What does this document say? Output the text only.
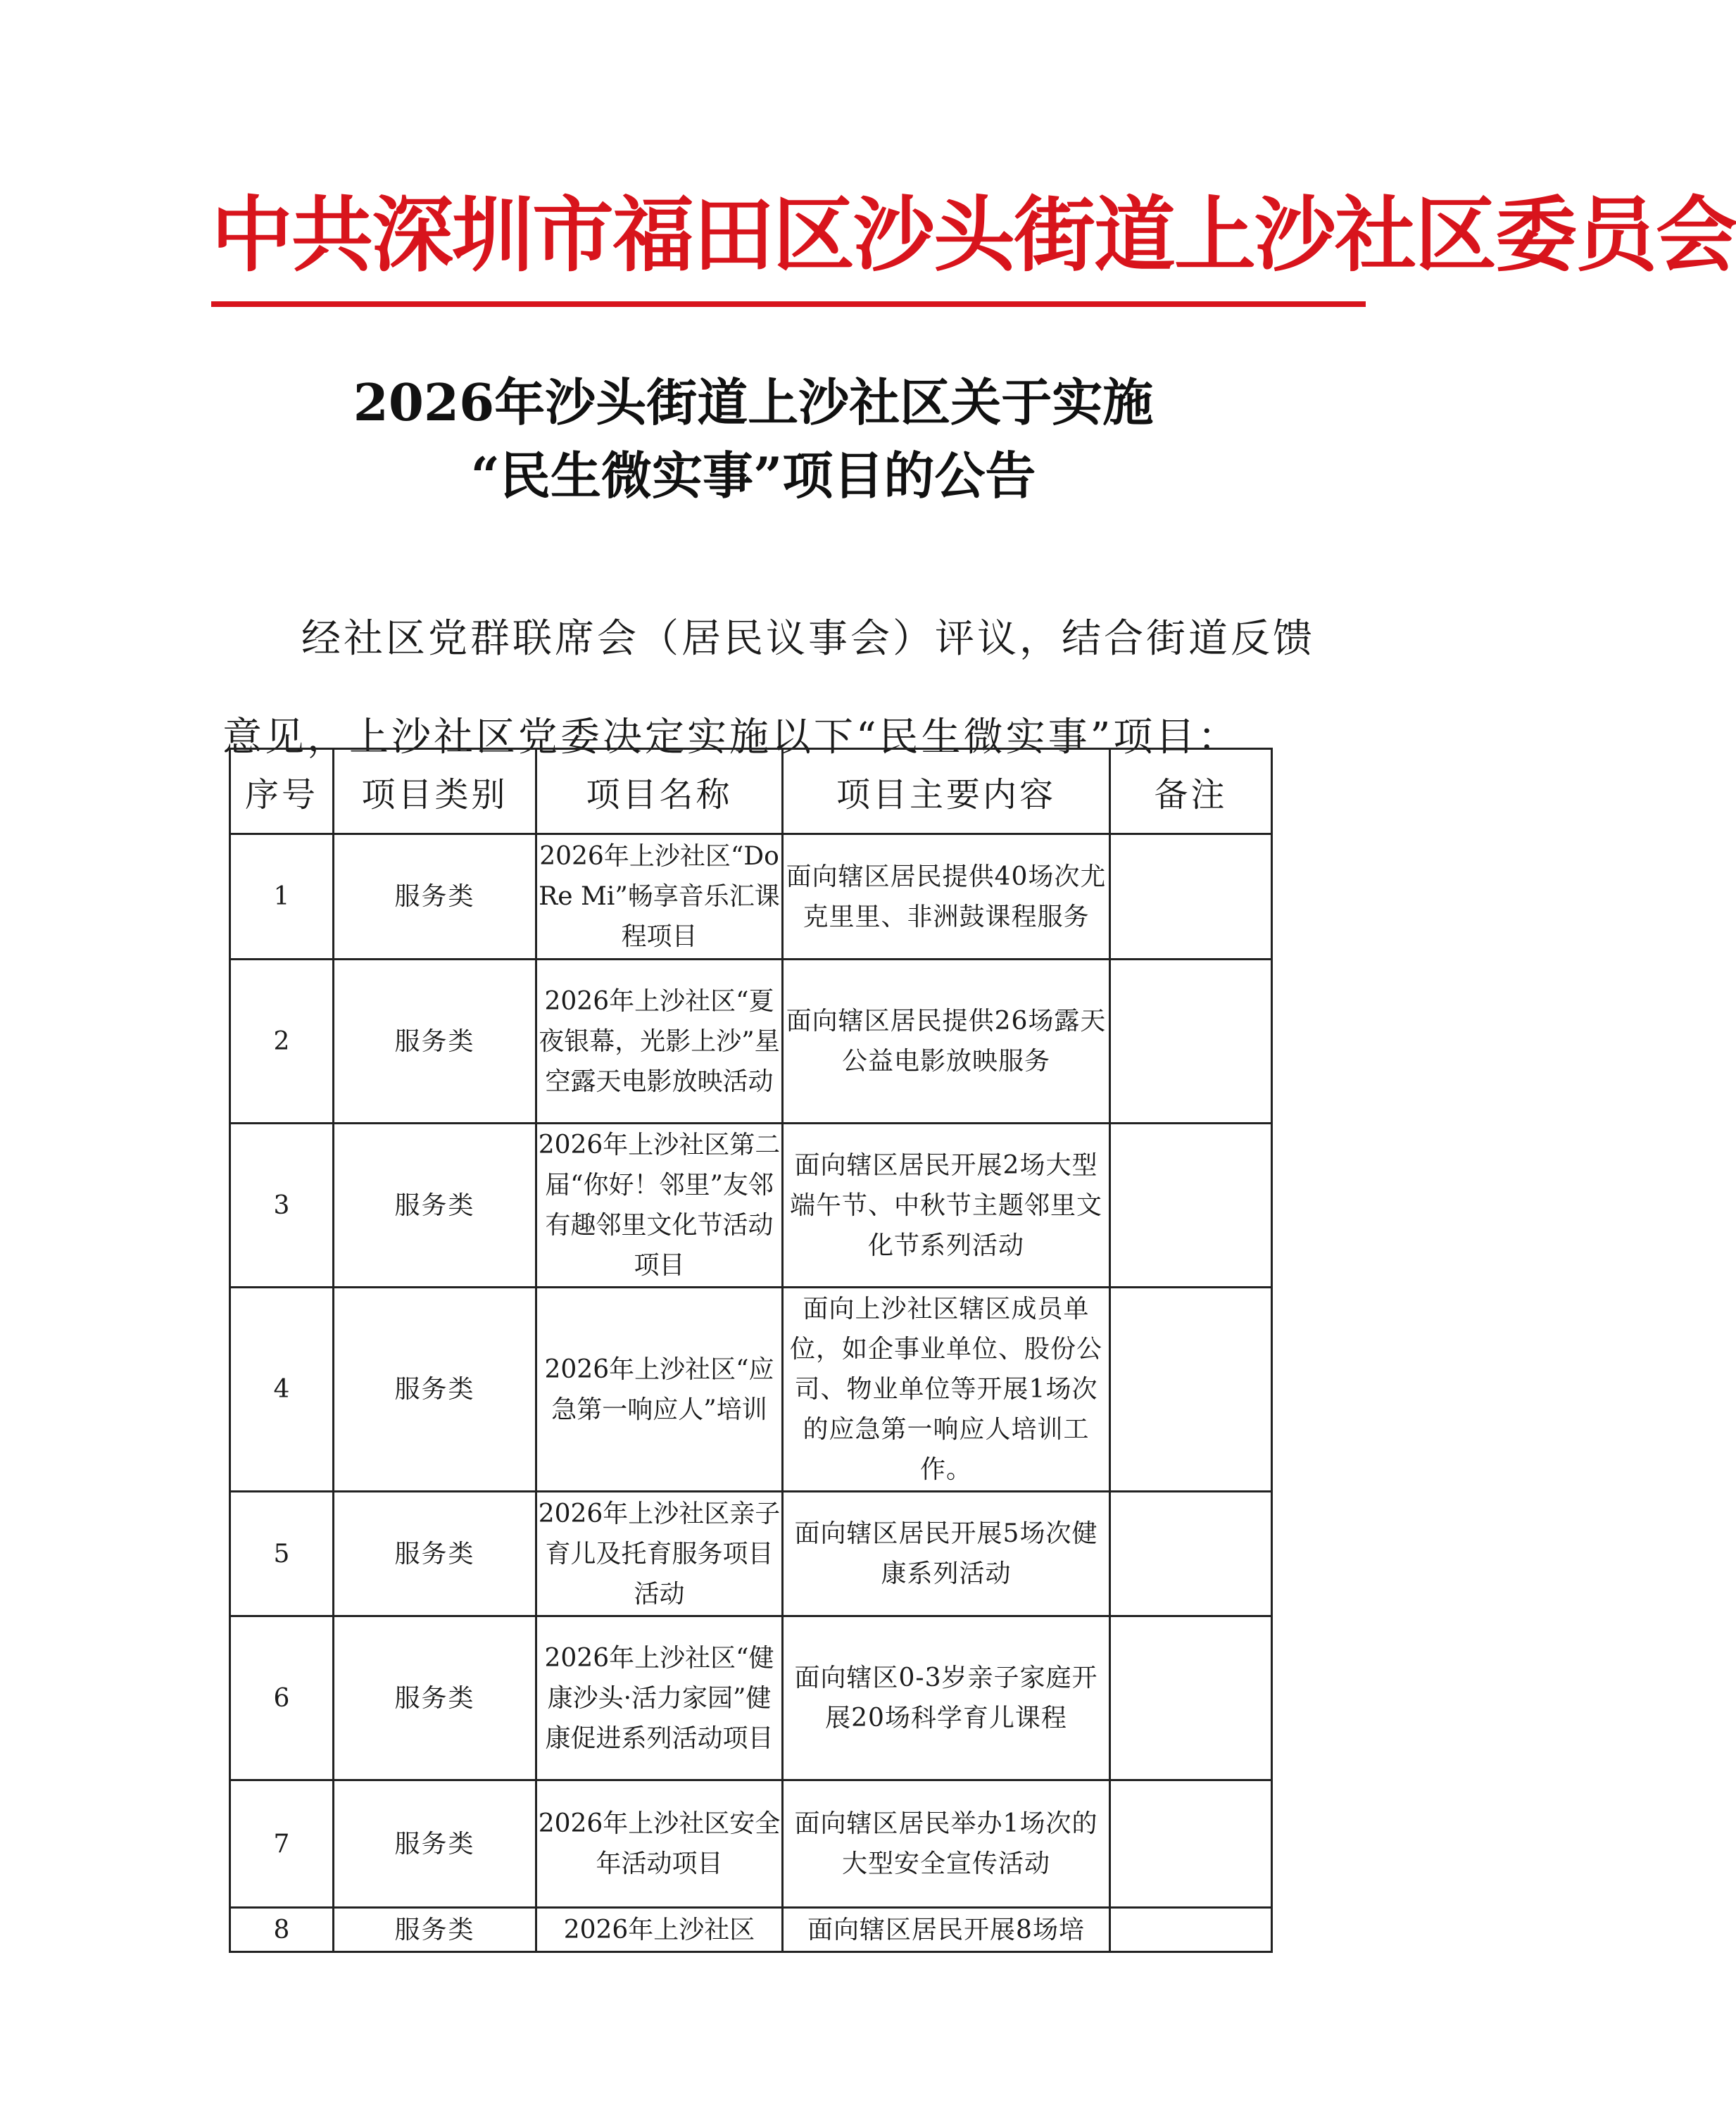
中共深圳市福田区沙头街道上沙社区委员会
2026年沙头街道上沙社区关于实施
“民生微实事”项目的公告
经社区党群联席会（居民议事会）评议，结合街道反馈
意见，上沙社区党委决定实施以下“民生微实事”项目：
序号	项目类别	项目名称	项目主要内容	备注
1	服务类	2026年上沙社区“Do Re Mi”畅享音乐汇课程项目	面向辖区居民提供40场次尤克里里、非洲鼓课程服务	
2	服务类	2026年上沙社区“夏夜银幕，光影上沙”星空露天电影放映活动	面向辖区居民提供26场露天公益电影放映服务	
3	服务类	2026年上沙社区第二届“你好！邻里”友邻有趣邻里文化节活动项目	面向辖区居民开展2场大型端午节、中秋节主题邻里文化节系列活动	
4	服务类	2026年上沙社区“应急第一响应人”培训	面向上沙社区辖区成员单位，如企事业单位、股份公司、物业单位等开展1场次的应急第一响应人培训工作。	
5	服务类	2026年上沙社区亲子育儿及托育服务项目活动	面向辖区居民开展5场次健康系列活动	
6	服务类	2026年上沙社区“健康沙头·活力家园”健康促进系列活动项目	面向辖区0-3岁亲子家庭开展20场科学育儿课程	
7	服务类	2026年上沙社区安全年活动项目	面向辖区居民举办1场次的大型安全宣传活动	
8	服务类	2026年上沙社区	面向辖区居民开展8场培	
